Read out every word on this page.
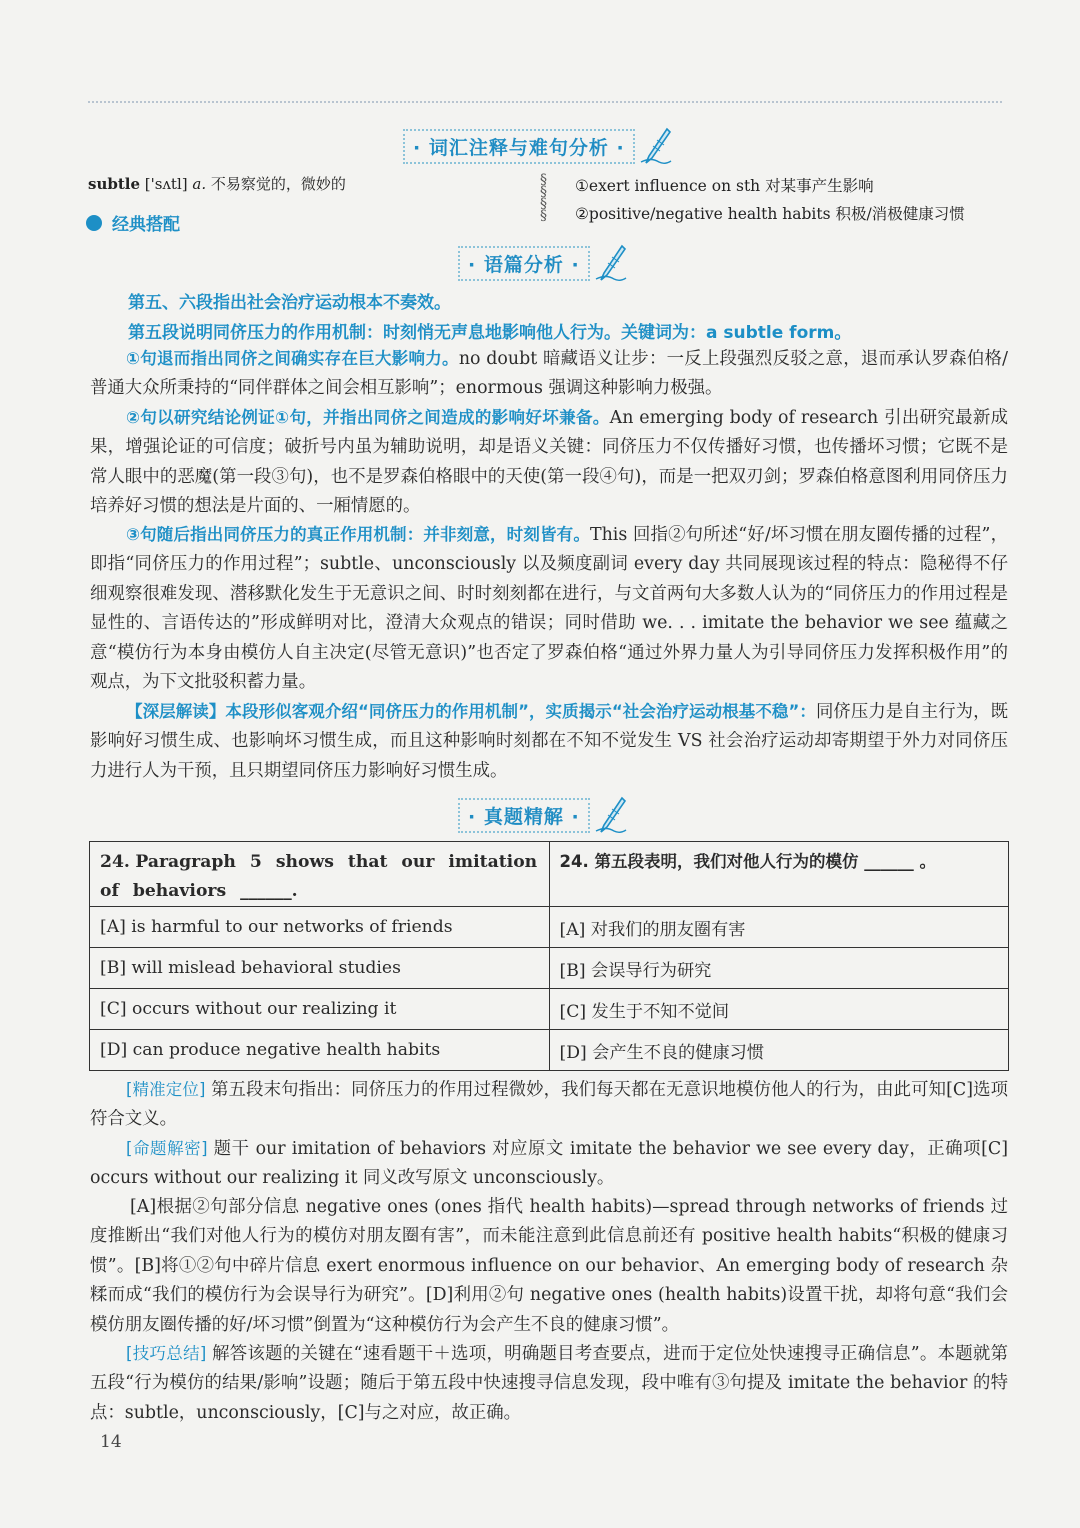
· 词汇注释与难句分析 ·
subtle ['sʌtl] a. 不易察觉的，微妙的
经典搭配
§
§
§
§
①exert influence on sth 对某事产生影响
②positive/negative health habits 积极/消极健康习惯
· 语篇分析 ·
第五、六段指出社会治疗运动根本不奏效。
第五段说明同侪压力的作用机制：时刻悄无声息地影响他人行为。关键词为：a subtle form。
①句退而指出同侪之间确实存在巨大影响力。no doubt 暗藏语义让步：一反上段强烈反驳之意，退而承认罗森伯格/普通大众所秉持的“同伴群体之间会相互影响”；enormous 强调这种影响力极强。
②句以研究结论例证①句，并指出同侪之间造成的影响好坏兼备。An emerging body of research 引出研究最新成果，增强论证的可信度；破折号内虽为辅助说明，却是语义关键：同侪压力不仅传播好习惯，也传播坏习惯；它既不是常人眼中的恶魔(第一段③句)，也不是罗森伯格眼中的天使(第一段④句)，而是一把双刃剑；罗森伯格意图利用同侪压力培养好习惯的想法是片面的、一厢情愿的。
③句随后指出同侪压力的真正作用机制：并非刻意，时刻皆有。This 回指②句所述“好/坏习惯在朋友圈传播的过程”，即指“同侪压力的作用过程”；subtle、unconsciously 以及频度副词 every day 共同展现该过程的特点：隐秘得不仔细观察很难发现、潜移默化发生于无意识之间、时时刻刻都在进行，与文首两句大多数人认为的“同侪压力的作用过程是显性的、言语传达的”形成鲜明对比，澄清大众观点的错误；同时借助 we. . . imitate the behavior we see 蕴藏之意“模仿行为本身由模仿人自主决定(尽管无意识)”也否定了罗森伯格“通过外界力量人为引导同侪压力发挥积极作用”的观点，为下文批驳积蓄力量。
【深层解读】本段形似客观介绍“同侪压力的作用机制”，实质揭示“社会治疗运动根基不稳”：同侪压力是自主行为，既影响好习惯生成、也影响坏习惯生成，而且这种影响时刻都在不知不觉发生 VS 社会治疗运动却寄期望于外力对同侪压力进行人为干预，且只期望同侪压力影响好习惯生成。
· 真题精解 ·
24. Paragraph 5 shows that our imitation of behaviors ______.	24. 第五段表明，我们对他人行为的模仿 ______ 。
[A] is harmful to our networks of friends	[A] 对我们的朋友圈有害
[B] will mislead behavioral studies	[B] 会误导行为研究
[C] occurs without our realizing it	[C] 发生于不知不觉间
[D] can produce negative health habits	[D] 会产生不良的健康习惯
[精准定位] 第五段末句指出：同侪压力的作用过程微妙，我们每天都在无意识地模仿他人的行为，由此可知[C]选项符合文义。
[命题解密] 题干 our imitation of behaviors 对应原文 imitate the behavior we see every day，正确项[C] occurs without our realizing it 同义改写原文 unconsciously。
[A]根据②句部分信息 negative ones (ones 指代 health habits)—spread through networks of friends 过度推断出“我们对他人行为的模仿对朋友圈有害”，而未能注意到此信息前还有 positive health habits“积极的健康习惯”。[B]将①②句中碎片信息 exert enormous influence on our behavior、An emerging body of research 杂糅而成“我们的模仿行为会误导行为研究”。[D]利用②句 negative ones (health habits)设置干扰，却将句意“我们会模仿朋友圈传播的好/坏习惯”倒置为“这种模仿行为会产生不良的健康习惯”。
[技巧总结] 解答该题的关键在“速看题干＋选项，明确题目考查要点，进而于定位处快速搜寻正确信息”。本题就第五段“行为模仿的结果/影响”设题；随后于第五段中快速搜寻信息发现，段中唯有③句提及 imitate the behavior 的特点：subtle，unconsciously，[C]与之对应，故正确。
14
